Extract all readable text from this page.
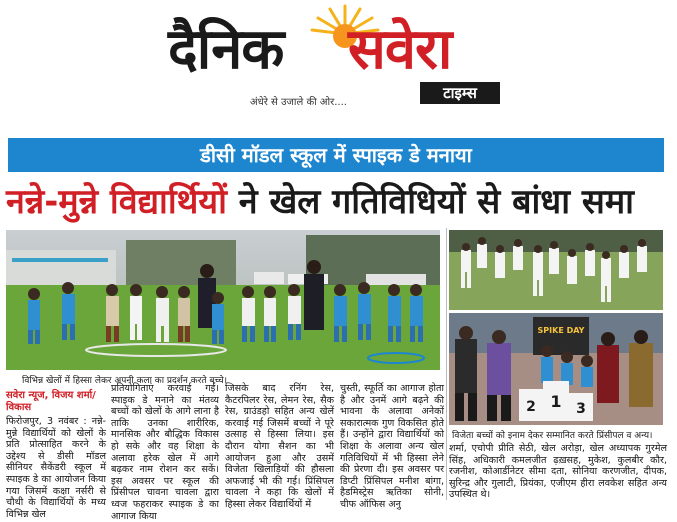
दैनिक सवेरा
अंधेरे से उजाले की ओर....
टाइम्स
डीसी मॉडल स्कूल में स्पाइक डे मनाया
नन्ने-मुन्ने विद्यार्थियों ने खेल गतिविधियों से बांधा समा
विभिन्न खेलों में हिस्सा लेकर अपनी कला का प्रदर्शन करते बच्चे।
SPIKE DAY
2 1 3
विजेता बच्चों को इनाम देकर सम्मानित करते प्रिंसीपल व अन्य।
सवेरा न्यूज, विजय शर्मा/विकास
फिरोजपुर, 3 नवंबर : नन्ने-मुन्ने विद्यार्थियों को खेलों के प्रति प्रोत्साहित करने के उद्देश्य से डीसी मॉडल सीनियर सैकेंडरी स्कूल में स्पाइक डे का आयोजन किया गया जिसमें कक्षा नर्सरी से चौथी के विद्यार्थियों के मध्य विभिन्न खेल
प्रतियोगिताएं करवाई गईं। स्पाइक डे मनाने का मंतव्य बच्चों को खेलों के आगे लाना है ताकि उनका शारीरिक, मानसिक और बौद्धिक विकास हो सके और वह शिक्षा के अलावा हरेक खेल में आगे बढ़कर नाम रोशन कर सकें। इस अवसर पर स्कूल की प्रिंसीपल चावना चावला द्वारा ध्वज फहराकर स्पाइक डे का आगाज किया
जिसके बाद रनिंग रेस, कैटरपिलर रेस, लेमन रेस, सैक रेस, ग्राउंडहो सहित अन्य खेलें करवाई गई जिसमें बच्चों ने पूरे उत्साह से हिस्सा लिया। इस दौरान योगा सैशन का भी आयोजन हुआ और उसमें विजेता खिलाड़ियों की हौसला अफजाई भी की गई। प्रिंसिपल चावला ने कहा कि खेलों में हिस्सा लेकर विद्यार्थियों में
चुस्ती, स्फूर्ति का आगाज होता है और उनमें आगे बढ़ने की भावना के अलावा अनेकों सकारात्मक गुण विकसित होते हैं। उन्होंने द्वारा विद्यार्थियों को शिक्षा के अलावा अन्य खेल गतिविधियों में भी हिस्सा लेने की प्रेरणा दी। इस अवसर पर डिप्टी प्रिंसिपल मनीश बांगा, हैडमिस्ट्रेस ऋतिका सोनी, चीफ ऑफिस अनु
शर्मा, एचोपी प्रीति सेठी, खेल अरोड़ा, खेल अध्यापक गुरमेल सिंह, अधिकारी कमलजीत ढ़ख़सह, मुकेश, कुलबीर कौर, रजनीश, कोआर्डीनेटर सीमा दता, सोनिया करणजीत, दीपक, सुरिन्द्र और गुलाटी, प्रियंका, एजीएम हीरा लवकेश सहित अन्य उपस्थित थे।
